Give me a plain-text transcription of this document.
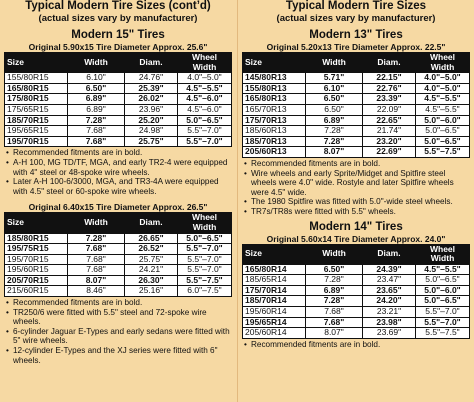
Typical Modern Tire Sizes (cont’d)
(actual sizes vary by manufacturer)
Modern 15" Tires
Original 5.90x15 Tire Diameter Approx. 25.6"
Size	Width	Diam.	Wheel Width
155/80R15	6.10"	24.76"	4.0"–5.0"
165/80R15	6.50"	25.39"	4.5"–5.5"
175/80R15	6.89"	26.02"	4.5"–6.0"
175/65R15	6.89"	23.96"	4.5"–6.0"
185/70R15	7.28"	25.20"	5.0"–6.5"
195/65R15	7.68"	24.98"	5.5"–7.0"
195/70R15	7.68"	25.75"	5.5"–7.0"
• Recommended fitments are in bold.
• A-H 100, MG TD/TF, MGA, and early TR2-4 were equipped with 4" steel or 48-spoke wire wheels.
• Later A-H 100-6/3000, MGA, and TR3-4A were equipped with 4.5" steel or 60-spoke wire wheels.
Original 6.40x15 Tire Diameter Approx. 26.5"
Size	Width	Diam.	Wheel Width
185/80R15	7.28"	26.65"	5.0"–6.5"
195/75R15	7.68"	26.52"	5.5"–7.0"
195/70R15	7.68"	25.75"	5.5"–7.0"
195/60R15	7.68"	24.21"	5.5"–7.0"
205/70R15	8.07"	26.30"	5.5"–7.5"
215/60R15	8.46"	25.16"	6.0"–7.5"
• Recommended fitments are in bold.
• TR250/6 were fitted with 5.5" steel and 72-spoke wire wheels.
• 6-cylinder Jaguar E-Types and early sedans were fitted with 5" wire wheels.
• 12-cylinder E-Types and the XJ series were fitted with 6" wheels.
Typical Modern Tire Sizes
(actual sizes vary by manufacturer)
Modern 13" Tires
Original 5.20x13 Tire Diameter Approx. 22.5"
Size	Width	Diam.	Wheel Width
145/80R13	5.71"	22.15"	4.0"–5.0"
155/80R13	6.10"	22.76"	4.0"–5.0"
165/80R13	6.50"	23.39"	4.5"–5.5"
165/70R13	6.50"	22.09"	4.5"–5.5"
175/70R13	6.89"	22.65"	5.0"–6.0"
185/60R13	7.28"	21.74"	5.0"–6.5"
185/70R13	7.28"	23.20"	5.0"–6.5"
205/60R13	8.07"	22.69"	5.5"–7.5"
• Recommended fitments are in bold.
• Wire wheels and early Sprite/Midget and Spitfire steel wheels were 4.0" wide. Rostyle and later Spitfire wheels were 4.5" wide.
• The 1980 Spitfire was fitted with 5.0"-wide steel wheels.
• TR7s/TR8s were fitted with 5.5" wheels.
Modern 14" Tires
Original 5.60x14 Tire Diameter Approx. 24.0"
Size	Width	Diam.	Wheel Width
165/80R14	6.50"	24.39"	4.5"–5.5"
185/65R14	7.28"	23.47"	5.0"–6.5"
175/70R14	6.89"	23.65"	5.0"–6.0"
185/70R14	7.28"	24.20"	5.0"–6.5"
195/60R14	7.68"	23.21"	5.5"–7.0"
195/65R14	7.68"	23.98"	5.5"–7.0"
205/60R14	8.07"	23.69"	5.5"–7.5"
• Recommended fitments are in bold.
